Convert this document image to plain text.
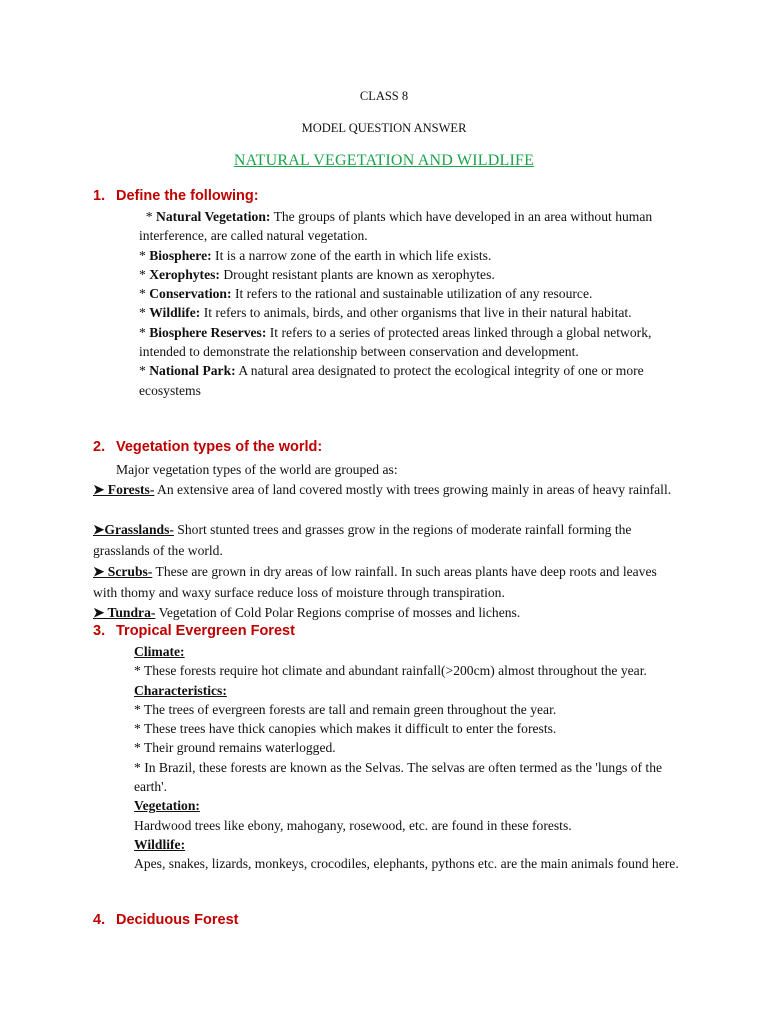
CLASS 8
MODEL QUESTION ANSWER
NATURAL VEGETATION AND WILDLIFE
1. Define the following:

* Natural Vegetation: The groups of plants which have developed in an area without human interference, are called natural vegetation.

* Biosphere: It is a narrow zone of the earth in which life exists.

* Xerophytes: Drought resistant plants are known as xerophytes.

* Conservation: It refers to the rational and sustainable utilization of any resource.

* Wildlife: It refers to animals, birds, and other organisms that live in their natural habitat.

* Biosphere Reserves: It refers to a series of protected areas linked through a global network, intended to demonstrate the relationship between conservation and development.

* National Park: A natural area designated to protect the ecological integrity of one or more ecosystems

2. Vegetation types of the world:

Major vegetation types of the world are grouped as:

➤ Forests- An extensive area of land covered mostly with trees growing mainly in areas of heavy rainfall.

➤Grasslands- Short stunted trees and grasses grow in the regions of moderate rainfall forming the grasslands of the world.

➤ Scrubs- These are grown in dry areas of low rainfall. In such areas plants have deep roots and leaves with thomy and waxy surface reduce loss of moisture through transpiration.

➤ Tundra- Vegetation of Cold Polar Regions comprise of mosses and lichens.

3. Tropical Evergreen Forest

Climate:

* These forests require hot climate and abundant rainfall(>200cm) almost throughout the year.

Characteristics:

* The trees of evergreen forests are tall and remain green throughout the year.

* These trees have thick canopies which makes it difficult to enter the forests.

* Their ground remains waterlogged.

* In Brazil, these forests are known as the Selvas. The selvas are often termed as the 'lungs of the earth'.

Vegetation:

Hardwood trees like ebony, mahogany, rosewood, etc. are found in these forests.

Wildlife:

Apes, snakes, lizards, monkeys, crocodiles, elephants, pythons etc. are the main animals found here.

4. Deciduous Forest
